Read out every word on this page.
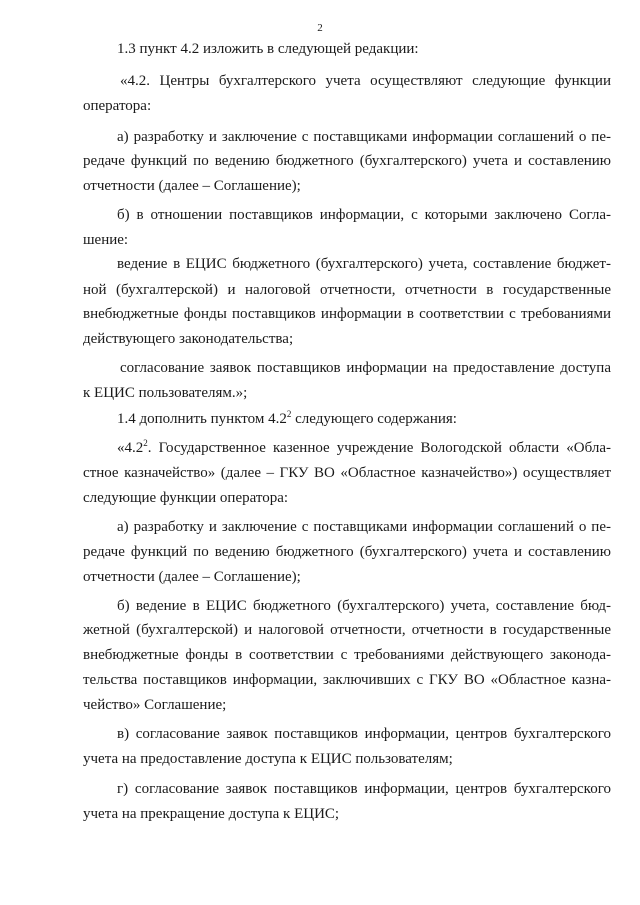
2
1.3 пункт 4.2 изложить в следующей редакции:
«4.2. Центры бухгалтерского учета осуществляют следующие функции
оператора:
а) разработку и заключение с поставщиками информации соглашений о пе-
редаче функций по ведению бюджетного (бухгалтерского) учета и составлению
отчетности (далее – Соглашение);
б) в отношении поставщиков информации, с которыми заключено Согла-
шение:
ведение в ЕЦИС бюджетного (бухгалтерского) учета, составление бюджет-
ной (бухгалтерской) и налоговой отчетности, отчетности в государственные
внебюджетные фонды поставщиков информации в соответствии с требованиями
действующего законодательства;
согласование заявок поставщиков информации на предоставление доступа
к ЕЦИС пользователям.»;
1.4 дополнить пунктом $4.2^2$ следующего содержания:
«$4.2^2$. Государственное казенное учреждение Вологодской области «Обла-
стное казначейство» (далее – ГКУ ВО «Областное казначейство») осуществляет
следующие функции оператора:
а) разработку и заключение с поставщиками информации соглашений о пе-
редаче функций по ведению бюджетного (бухгалтерского) учета и составлению
отчетности (далее – Соглашение);
б) ведение в ЕЦИС бюджетного (бухгалтерского) учета, составление бюд-
жетной (бухгалтерской) и налоговой отчетности, отчетности в государственные
внебюджетные фонды в соответствии с требованиями действующего законода-
тельства поставщиков информации, заключивших с ГКУ ВО «Областное казна-
чейство» Соглашение;
в) согласование заявок поставщиков информации, центров бухгалтерского
учета на предоставление доступа к ЕЦИС пользователям;
г) согласование заявок поставщиков информации, центров бухгалтерского
учета на прекращение доступа к ЕЦИС;
